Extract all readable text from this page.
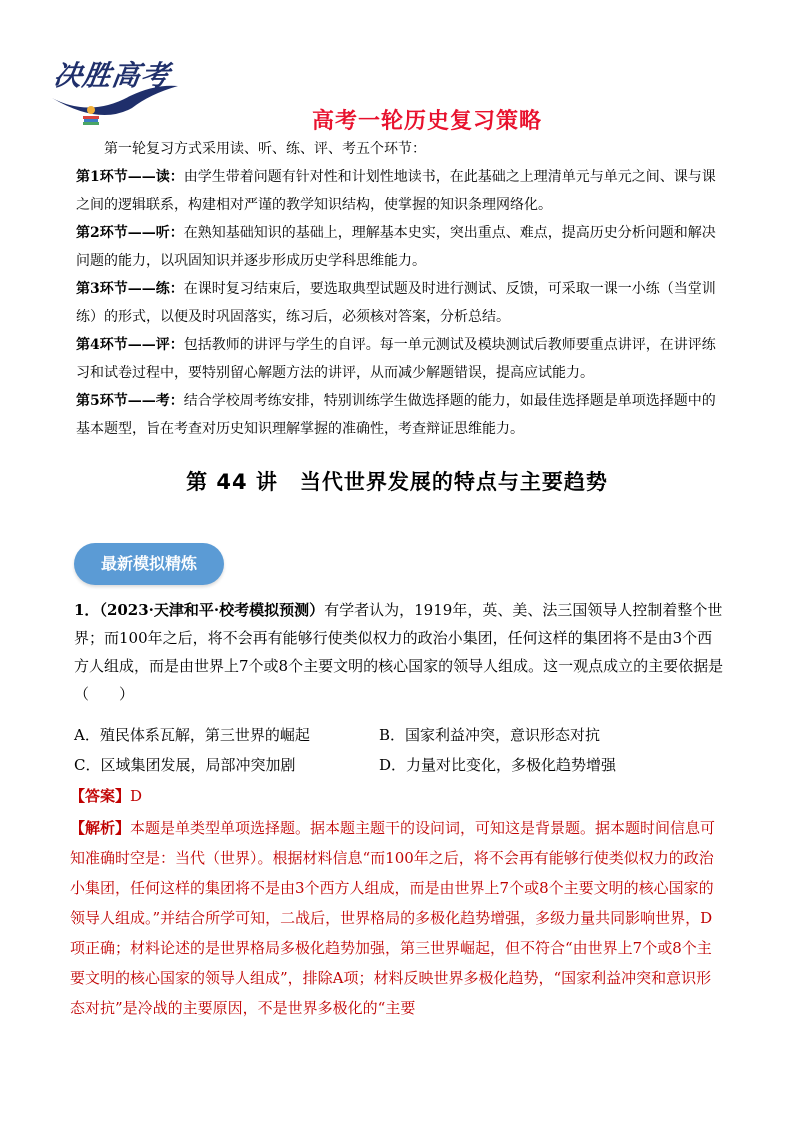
决胜高考
高考一轮历史复习策略

第一轮复习方式采用读、听、练、评、考五个环节：

第1环节——读：由学生带着问题有针对性和计划性地读书，在此基础之上理清单元与单元之间、课与课之间的逻辑联系，构建相对严谨的教学知识结构，使掌握的知识条理网络化。

第2环节——听：在熟知基础知识的基础上，理解基本史实，突出重点、难点，提高历史分析问题和解决问题的能力，以巩固知识并逐步形成历史学科思维能力。

第3环节——练：在课时复习结束后，要选取典型试题及时进行测试、反馈，可采取一课一小练（当堂训练）的形式，以便及时巩固落实，练习后，必须核对答案，分析总结。

第4环节——评：包括教师的讲评与学生的自评。每一单元测试及模块测试后教师要重点讲评，在讲评练习和试卷过程中，要特别留心解题方法的讲评，从而减少解题错误，提高应试能力。

第5环节——考：结合学校周考练安排，特别训练学生做选择题的能力，如最佳选择题是单项选择题中的基本题型，旨在考查对历史知识理解掌握的准确性，考查辩证思维能力。

第 44 讲　当代世界发展的特点与主要趋势
最新模拟精炼

1．（2023·天津和平·校考模拟预测）有学者认为，1919年，英、美、法三国领导人控制着整个世界；而100年之后，将不会再有能够行使类似权力的政治小集团，任何这样的集团将不是由3个西方人组成，而是由世界上7个或8个主要文明的核心国家的领导人组成。这一观点成立的主要依据是（　　）

A．殖民体系瓦解，第三世界的崛起	B．国家利益冲突，意识形态对抗
C．区域集团发展，局部冲突加剧	D．力量对比变化，多极化趋势增强
【答案】D

【解析】本题是单类型单项选择题。据本题主题干的设问词，可知这是背景题。据本题时间信息可知准确时空是：当代（世界）。根据材料信息“而100年之后，将不会再有能够行使类似权力的政治小集团，任何这样的集团将不是由3个西方人组成，而是由世界上7个或8个主要文明的核心国家的领导人组成。”并结合所学可知，二战后，世界格局的多极化趋势增强，多级力量共同影响世界，D项正确；材料论述的是世界格局多极化趋势加强，第三世界崛起，但不符合“由世界上7个或8个主要文明的核心国家的领导人组成”，排除A项；材料反映世界多极化趋势，“国家利益冲突和意识形态对抗”是冷战的主要原因，不是世界多极化的“主要
